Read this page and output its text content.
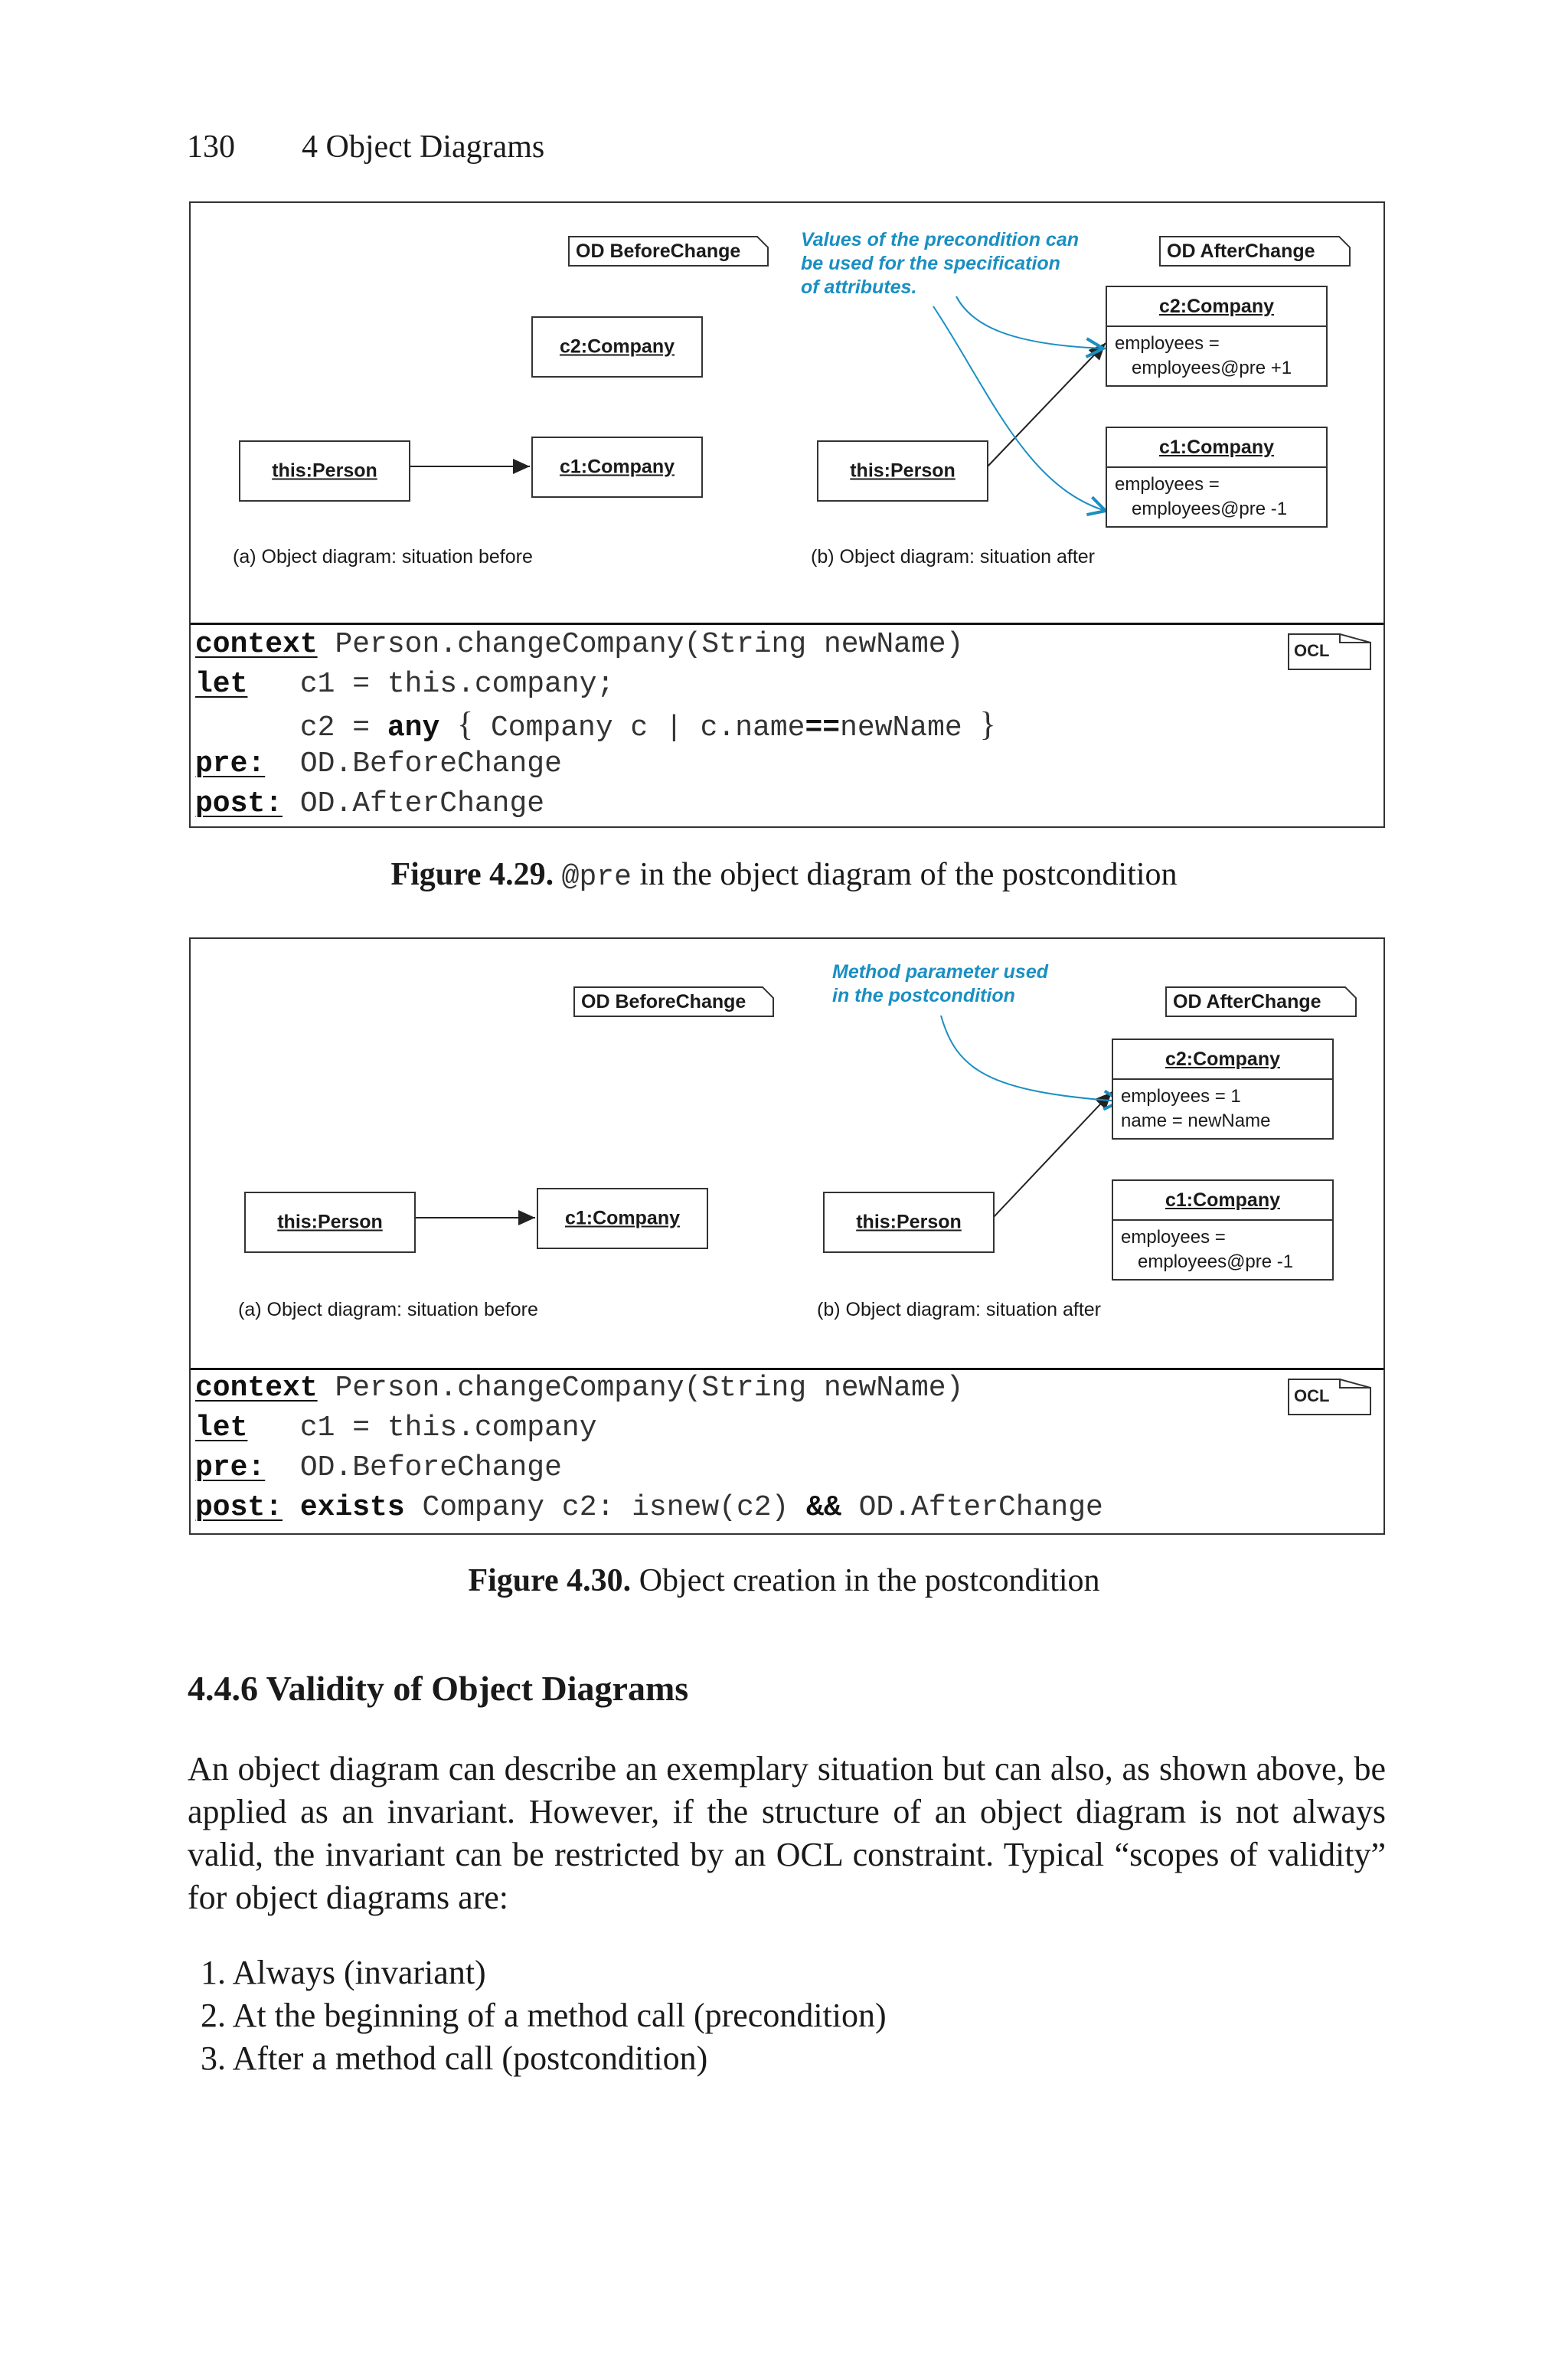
130 4 Object Diagrams
OD BeforeChange	OD AfterChange
Values of the precondition can
be used for the specification
of attributes.
c2:Company
c1:Company
this:Person
(a) Object diagram: situation before
this:Person
c2:Company
employees =
employees@pre +1
c1:Company
employees =
employees@pre -1
(b) Object diagram: situation after
context Person.changeCompany(String newName)
let   c1 = this.company;
c2 = any { Company c | c.name==newName }
pre:  OD.BeforeChange
post: OD.AfterChange
OCL
Figure 4.29. @pre in the object diagram of the postcondition
OD BeforeChange	OD AfterChange
Method parameter used
in the postcondition
this:Person	c1:Company
(a) Object diagram: situation before
this:Person
c2:Company
employees = 1
name = newName
c1:Company
employees =
employees@pre -1
(b) Object diagram: situation after
context Person.changeCompany(String newName)
let   c1 = this.company
pre:  OD.BeforeChange
post: exists Company c2: isnew(c2) && OD.AfterChange
OCL
Figure 4.30. Object creation in the postcondition
4.4.6 Validity of Object Diagrams
An object diagram can describe an exemplary situation but can also, as shown above, be applied as an invariant. However, if the structure of an object diagram is not always valid, the invariant can be restricted by an OCL constraint. Typical “scopes of validity” for object diagrams are:
1. Always (invariant)
2. At the beginning of a method call (precondition)
3. After a method call (postcondition)
